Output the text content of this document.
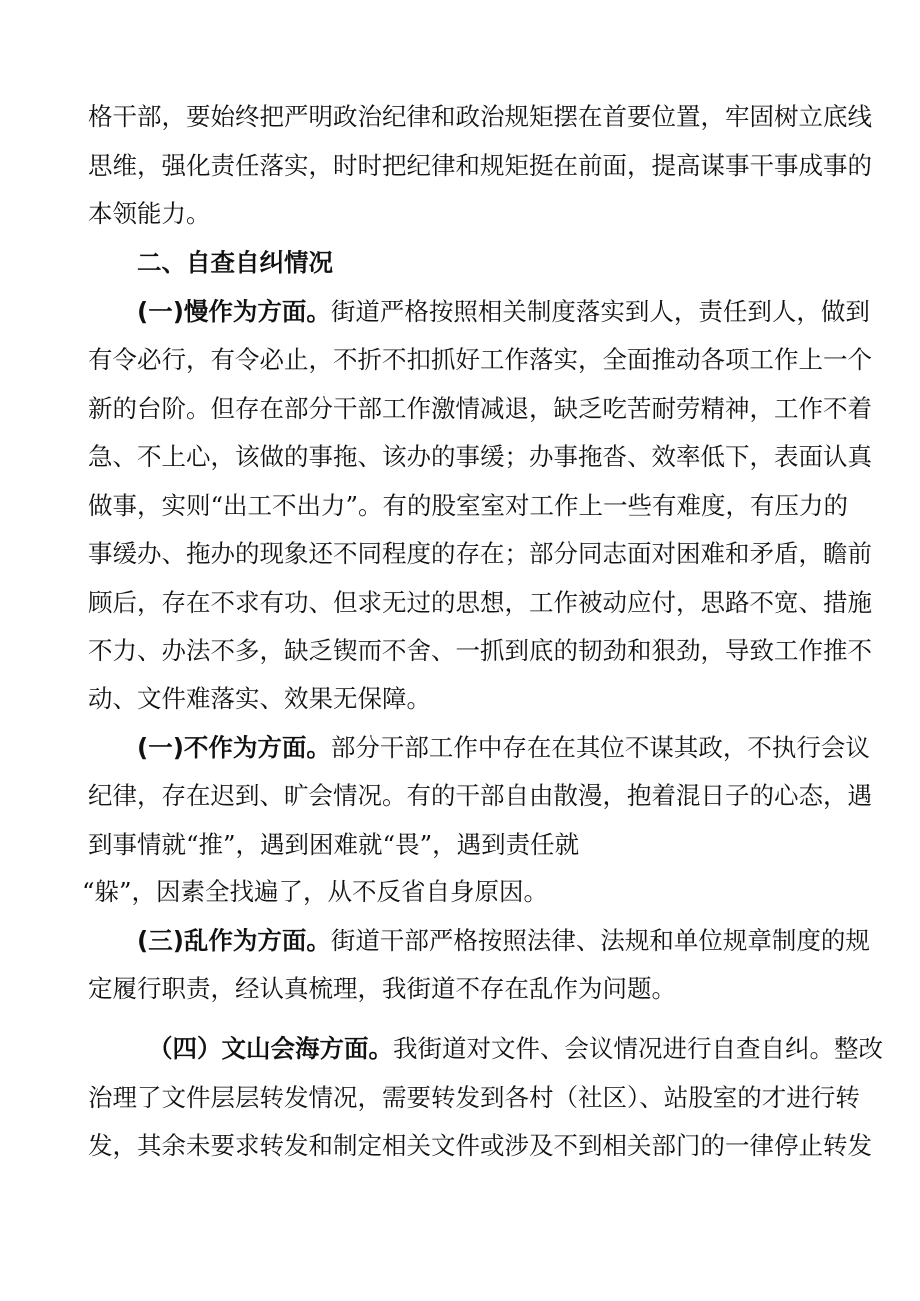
格干部，要始终把严明政治纪律和政治规矩摆在首要位置，牢固树立底线
思维，强化责任落实，时时把纪律和规矩挺在前面，提高谋事干事成事的
本领能力。
二、自查自纠情况
(一)慢作为方面。街道严格按照相关制度落实到人，责任到人，做到
有令必行，有令必止，不折不扣抓好工作落实，全面推动各项工作上一个
新的台阶。但存在部分干部工作激情减退，缺乏吃苦耐劳精神，工作不着
急、不上心，该做的事拖、该办的事缓；办事拖沓、效率低下，表面认真
做事，实则“出工不出力”。有的股室室对工作上一些有难度，有压力的
事缓办、拖办的现象还不同程度的存在；部分同志面对困难和矛盾，瞻前
顾后，存在不求有功、但求无过的思想，工作被动应付，思路不宽、措施
不力、办法不多，缺乏锲而不舍、一抓到底的韧劲和狠劲，导致工作推不
动、文件难落实、效果无保障。
(一)不作为方面。部分干部工作中存在在其位不谋其政，不执行会议
纪律，存在迟到、旷会情况。有的干部自由散漫，抱着混日子的心态，遇
到事情就“推”，遇到困难就“畏”，遇到责任就
“躲”，因素全找遍了，从不反省自身原因。
(三)乱作为方面。街道干部严格按照法律、法规和单位规章制度的规
定履行职责，经认真梳理，我街道不存在乱作为问题。
（四）文山会海方面。我街道对文件、会议情况进行自查自纠。整改
治理了文件层层转发情况，需要转发到各村（社区）、站股室的才进行转
发，其余未要求转发和制定相关文件或涉及不到相关部门的一律停止转发
